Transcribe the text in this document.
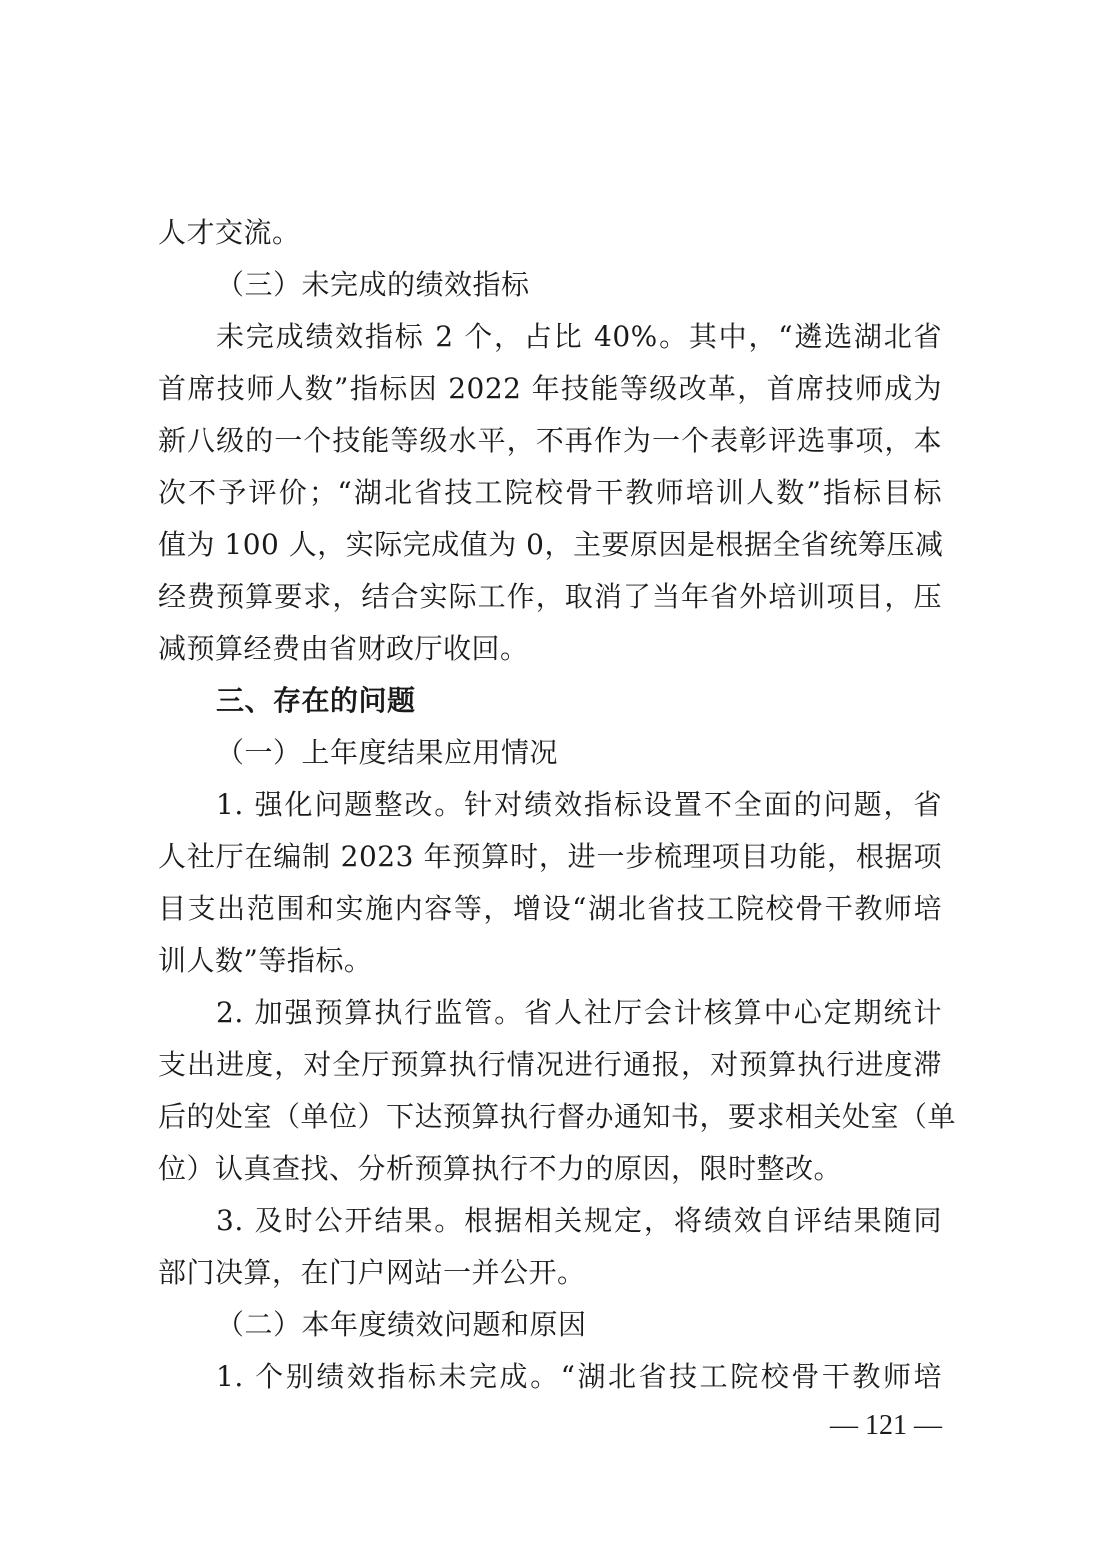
人才交流。
（三）未完成的绩效指标
未完成绩效指标 2 个，占比 40%。其中，“遴选湖北省
首席技师人数”指标因 2022 年技能等级改革，首席技师成为
新八级的一个技能等级水平，不再作为一个表彰评选事项，本
次不予评价；“湖北省技工院校骨干教师培训人数”指标目标
值为 100 人，实际完成值为 0，主要原因是根据全省统筹压减
经费预算要求，结合实际工作，取消了当年省外培训项目，压
减预算经费由省财政厅收回。
三、存在的问题
（一）上年度结果应用情况
1. 强化问题整改。针对绩效指标设置不全面的问题，省
人社厅在编制 2023 年预算时，进一步梳理项目功能，根据项
目支出范围和实施内容等，增设“湖北省技工院校骨干教师培
训人数”等指标。
2. 加强预算执行监管。省人社厅会计核算中心定期统计
支出进度，对全厅预算执行情况进行通报，对预算执行进度滞
后的处室（单位）下达预算执行督办通知书，要求相关处室（单
位）认真查找、分析预算执行不力的原因，限时整改。
3. 及时公开结果。根据相关规定，将绩效自评结果随同
部门决算，在门户网站一并公开。
（二）本年度绩效问题和原因
1. 个别绩效指标未完成。“湖北省技工院校骨干教师培
— 121 —
